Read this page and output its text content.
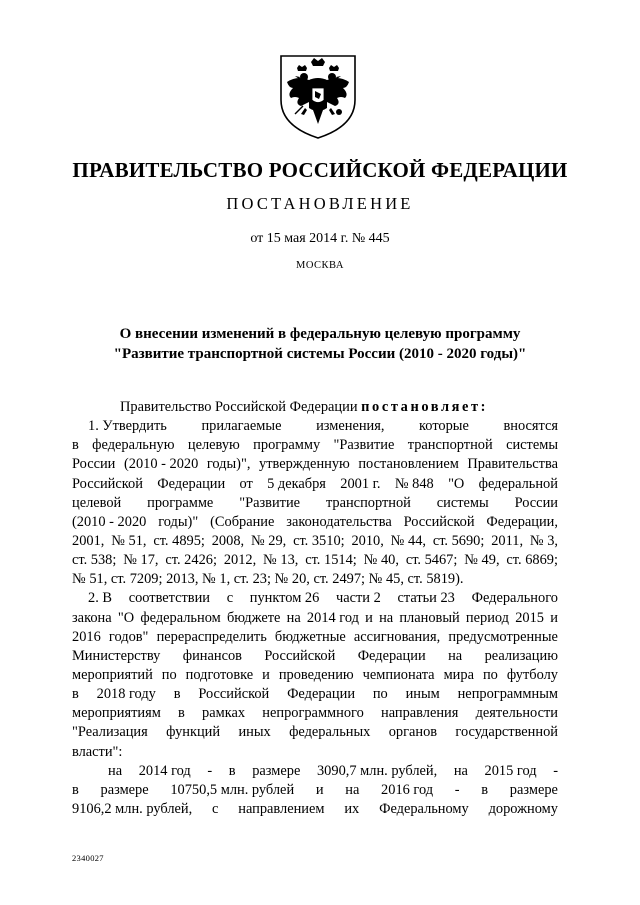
ПРАВИТЕЛЬСТВО РОССИЙСКОЙ ФЕДЕРАЦИИ
ПОСТАНОВЛЕНИЕ
от 15 мая 2014 г. № 445
МОСКВА
О внесении изменений в федеральную целевую программу
"Развитие транспортной системы России (2010 - 2020 годы)"
Правительство Российской Федерации постановляет:
1. Утвердить прилагаемые изменения, которые вносятся
в федеральную целевую программу "Развитие транспортной системы
России (2010 - 2020 годы)", утвержденную постановлением Правительства
Российской Федерации от 5 декабря 2001 г. № 848 "О федеральной
целевой программе "Развитие транспортной системы России
(2010 - 2020 годы)" (Собрание законодательства Российской Федерации,
2001, № 51, ст. 4895; 2008, № 29, ст. 3510; 2010, № 44, ст. 5690; 2011, № 3,
ст. 538; № 17, ст. 2426; 2012, № 13, ст. 1514; № 40, ст. 5467; № 49, ст. 6869;
№ 51, ст. 7209; 2013, № 1, ст. 23; № 20, ст. 2497; № 45, ст. 5819).
2. В соответствии с пунктом 26 части 2 статьи 23 Федерального
закона "О федеральном бюджете на 2014 год и на плановый период 2015 и
2016 годов" перераспределить бюджетные ассигнования, предусмотренные
Министерству финансов Российской Федерации на реализацию
мероприятий по подготовке и проведению чемпионата мира по футболу
в 2018 году в Российской Федерации по иным непрограммным
мероприятиям в рамках непрограммного направления деятельности
"Реализация функций иных федеральных органов государственной
власти":
на 2014 год - в размере 3090,7 млн. рублей, на 2015 год -
в размере 10750,5 млн. рублей и на 2016 год - в размере
9106,2 млн. рублей, с направлением их Федеральному дорожному
2340027
